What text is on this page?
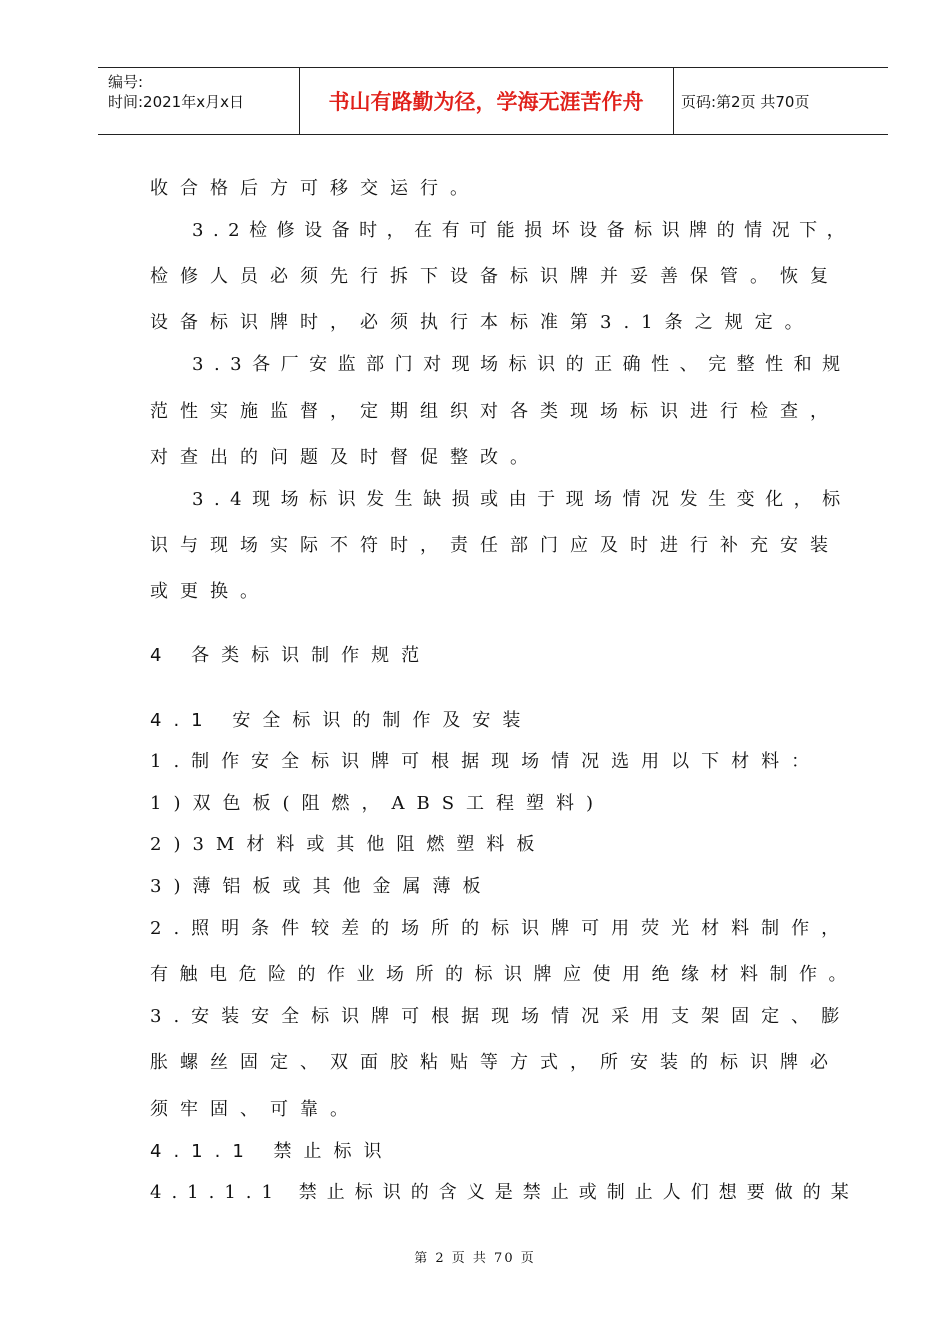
编号:
时间:2021年x月x日	书山有路勤为径，学海无涯苦作舟	页码:第2页 共70页
收合格后方可移交运行。
3.2检修设备时，在有可能损坏设备标识牌的情况下，
检修人员必须先行拆下设备标识牌并妥善保管。恢复
设备标识牌时，必须执行本标准第3.1条之规定。
3.3各厂安监部门对现场标识的正确性、完整性和规
范性实施监督，定期组织对各类现场标识进行检查，
对查出的问题及时督促整改。
3.4现场标识发生缺损或由于现场情况发生变化，标
识与现场实际不符时，责任部门应及时进行补充安装
或更换。
4 各类标识制作规范
4.1 安全标识的制作及安装
1.制作安全标识牌可根据现场情况选用以下材料：
1)双色板(阻燃，ABS工程塑料)
2)3M材料或其他阻燃塑料板
3)薄铝板或其他金属薄板
2.照明条件较差的场所的标识牌可用荧光材料制作，
有触电危险的作业场所的标识牌应使用绝缘材料制作。
3.安装安全标识牌可根据现场情况采用支架固定、膨
胀螺丝固定、双面胶粘贴等方式，所安装的标识牌必
须牢固、可靠。
4.1.1 禁止标识
4.1.1.1 禁止标识的含义是禁止或制止人们想要做的某
第 2 页 共 70 页
